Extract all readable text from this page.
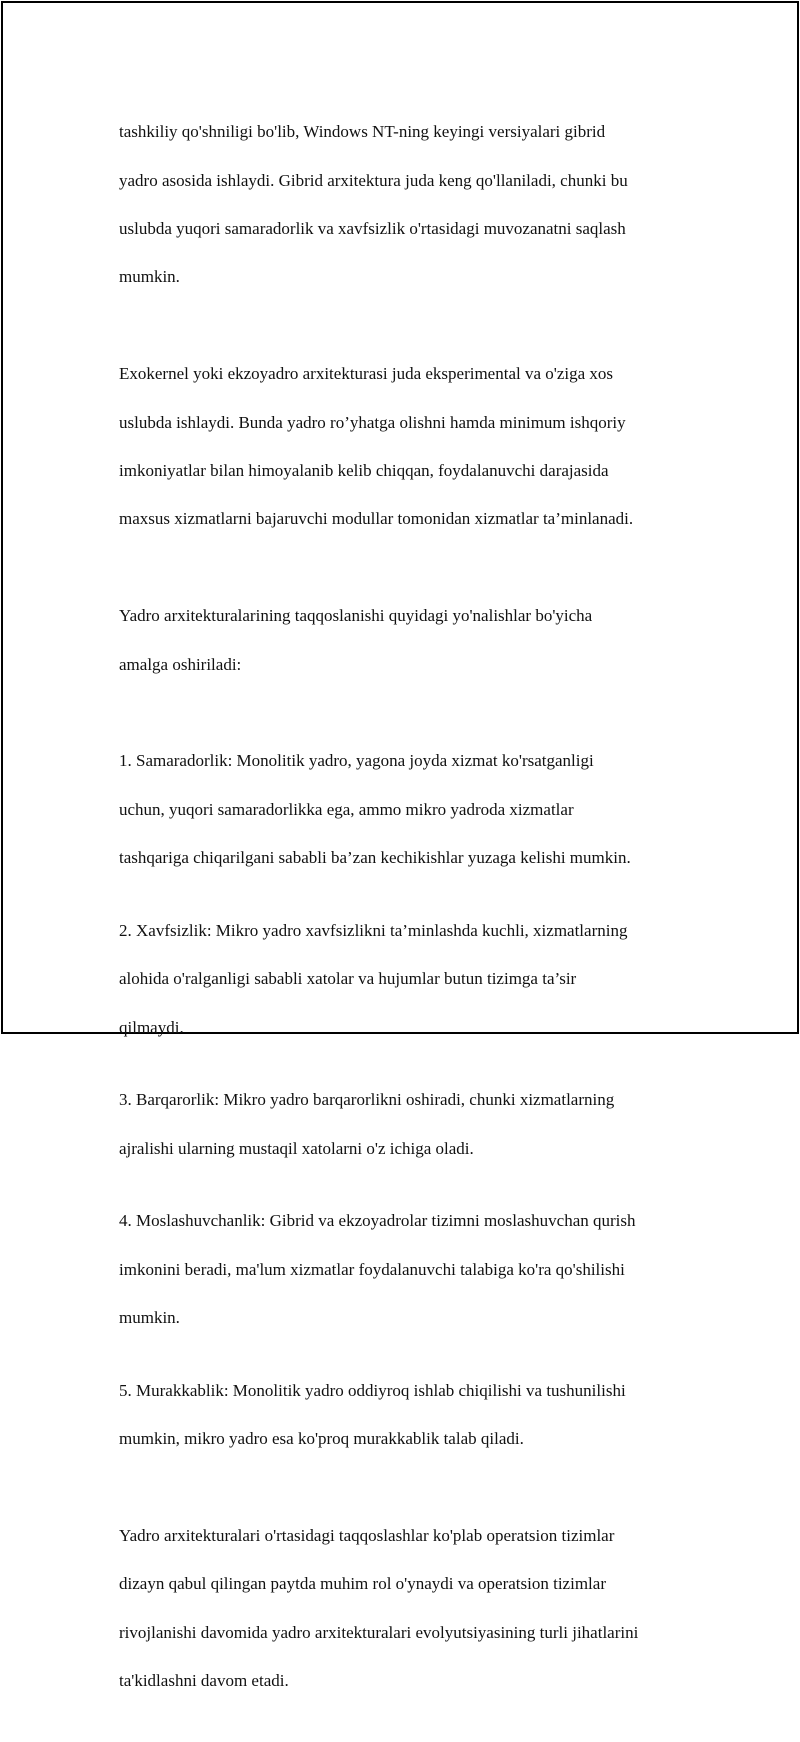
tashkiliy qo'shniligi bo'lib, Windows NT-ning keyingi versiyalari gibrid

yadro asosida ishlaydi. Gibrid arxitektura juda keng qo'llaniladi, chunki bu

uslubda yuqori samaradorlik va xavfsizlik o'rtasidagi muvozanatni saqlash

mumkin.

Exokernel yoki ekzoyadro arxitekturasi juda eksperimental va o'ziga xos

uslubda ishlaydi. Bunda yadro ro’yhatga olishni hamda minimum ishqoriy

imkoniyatlar bilan himoyalanib kelib chiqqan, foydalanuvchi darajasida

maxsus xizmatlarni bajaruvchi modullar tomonidan xizmatlar ta’minlanadi.

Yadro arxitekturalarining taqqoslanishi quyidagi yo'nalishlar bo'yicha

amalga oshiriladi:

1. Samaradorlik: Monolitik yadro, yagona joyda xizmat ko'rsatganligi

uchun, yuqori samaradorlikka ega, ammo mikro yadroda xizmatlar

tashqariga chiqarilgani sababli ba’zan kechikishlar yuzaga kelishi mumkin.

2. Xavfsizlik: Mikro yadro xavfsizlikni ta’minlashda kuchli, xizmatlarning

alohida o'ralganligi sababli xatolar va hujumlar butun tizimga ta’sir

qilmaydi.

3. Barqarorlik: Mikro yadro barqarorlikni oshiradi, chunki xizmatlarning

ajralishi ularning mustaqil xatolarni o'z ichiga oladi.

4. Moslashuvchanlik: Gibrid va ekzoyadrolar tizimni moslashuvchan qurish

imkonini beradi, ma'lum xizmatlar foydalanuvchi talabiga ko'ra qo'shilishi

mumkin.

5. Murakkablik: Monolitik yadro oddiyroq ishlab chiqilishi va tushunilishi

mumkin, mikro yadro esa ko'proq murakkablik talab qiladi.

Yadro arxitekturalari o'rtasidagi taqqoslashlar ko'plab operatsion tizimlar

dizayn qabul qilingan paytda muhim rol o'ynaydi va operatsion tizimlar

rivojlanishi davomida yadro arxitekturalari evolyutsiyasining turli jihatlarini

ta'kidlashni davom etadi.
